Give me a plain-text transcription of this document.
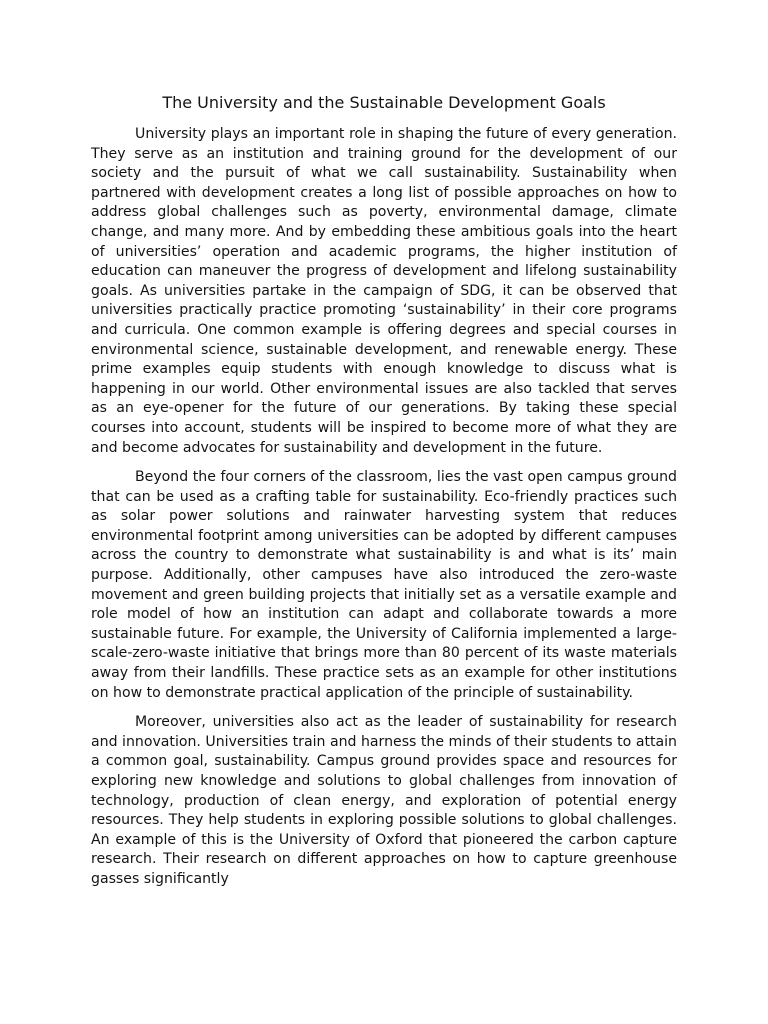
The University and the Sustainable Development Goals

University plays an important role in shaping the future of every generation. They serve as an institution and training ground for the development of our society and the pursuit of what we call sustainability. Sustainability when partnered with development creates a long list of possible approaches on how to address global challenges such as poverty, environmental damage, climate change, and many more. And by embedding these ambitious goals into the heart of universities’ operation and academic programs, the higher institution of education can maneuver the progress of development and lifelong sustainability goals. As universities partake in the campaign of SDG, it can be observed that universities practically practice promoting ‘sustainability’ in their core programs and curricula. One common example is offering degrees and special courses in environmental science, sustainable development, and renewable energy. These prime examples equip students with enough knowledge to discuss what is happening in our world. Other environmental issues are also tackled that serves as an eye-opener for the future of our generations. By taking these special courses into account, students will be inspired to become more of what they are and become advocates for sustainability and development in the future.

Beyond the four corners of the classroom, lies the vast open campus ground that can be used as a crafting table for sustainability. Eco-friendly practices such as solar power solutions and rainwater harvesting system that reduces environmental footprint among universities can be adopted by different campuses across the country to demonstrate what sustainability is and what is its’ main purpose. Additionally, other campuses have also introduced the zero-waste movement and green building projects that initially set as a versatile example and role model of how an institution can adapt and collaborate towards a more sustainable future. For example, the University of California implemented a large-scale-zero-waste initiative that brings more than 80 percent of its waste materials away from their landfills. These practice sets as an example for other institutions on how to demonstrate practical application of the principle of sustainability.

Moreover, universities also act as the leader of sustainability for research and innovation. Universities train and harness the minds of their students to attain a common goal, sustainability. Campus ground provides space and resources for exploring new knowledge and solutions to global challenges from innovation of technology, production of clean energy, and exploration of potential energy resources. They help students in exploring possible solutions to global challenges. An example of this is the University of Oxford that pioneered the carbon capture research. Their research on different approaches on how to capture greenhouse gasses significantly
